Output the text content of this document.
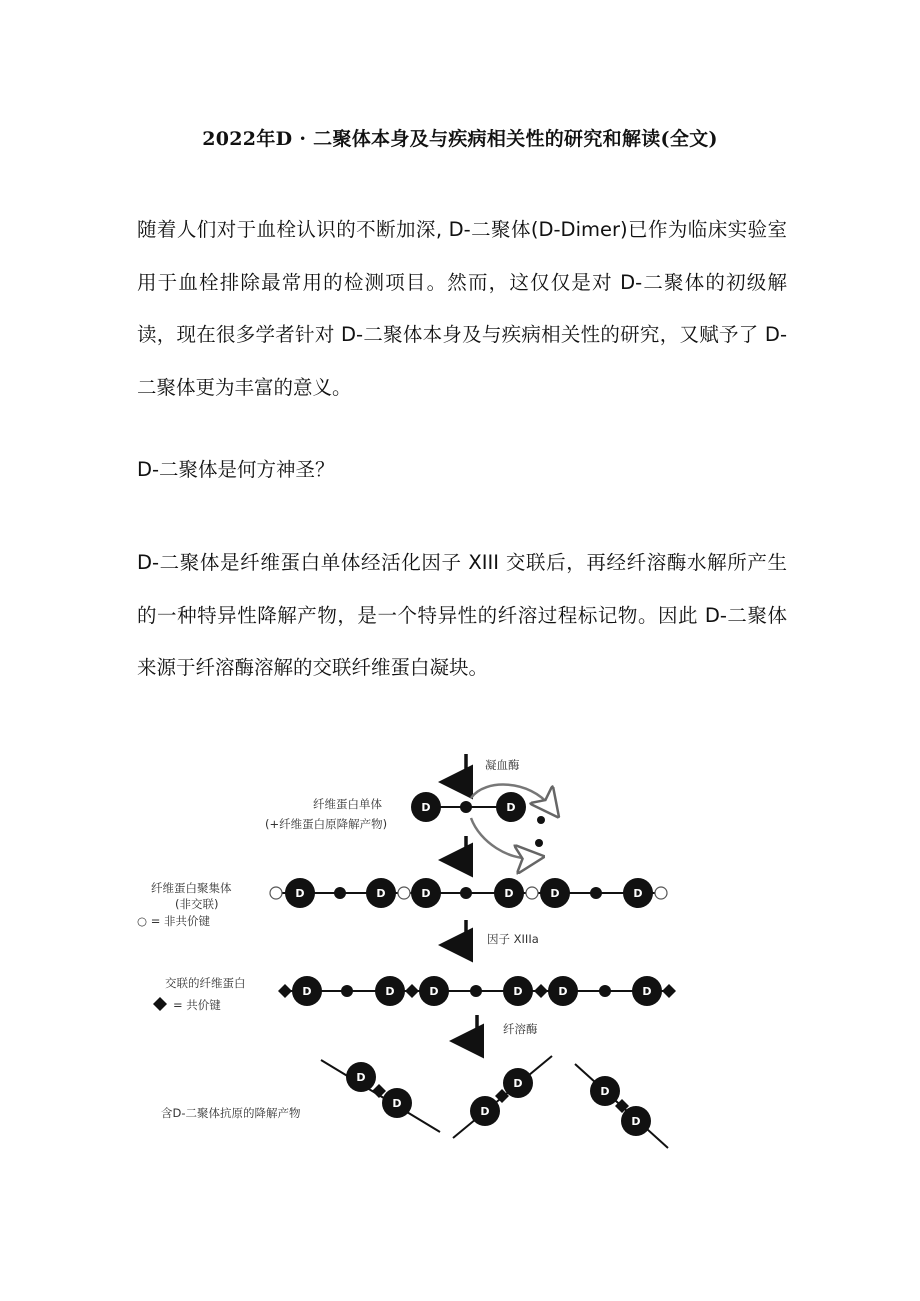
2022年D · 二聚体本身及与疾病相关性的研究和解读(全文)

随着人们对于血栓认识的不断加深, D-二聚体(D-Dimer)已作为临床实验室用于血栓排除最常用的检测项目。然而，这仅仅是对 D-二聚体的初级解读，现在很多学者针对 D-二聚体本身及与疾病相关性的研究，又赋予了 D-二聚体更为丰富的意义。

D-二聚体是何方神圣？

D-二聚体是纤维蛋白单体经活化因子 XIII 交联后，再经纤溶酶水解所产生的一种特异性降解产物，是一个特异性的纤溶过程标记物。因此 D-二聚体来源于纤溶酶溶解的交联纤维蛋白凝块。

凝血酶
纤维蛋白单体
(+纤维蛋白原降解产物)
D	D
纤维蛋白聚集体
(非交联)
○ = 非共价键
D	D	D	D	D	D
因子 XIIIa
交联的纤维蛋白
= 共价键
D	D	D	D	D	D
纤溶酶
含D-二聚体抗原的降解产物
D
D
D
D
D
D
